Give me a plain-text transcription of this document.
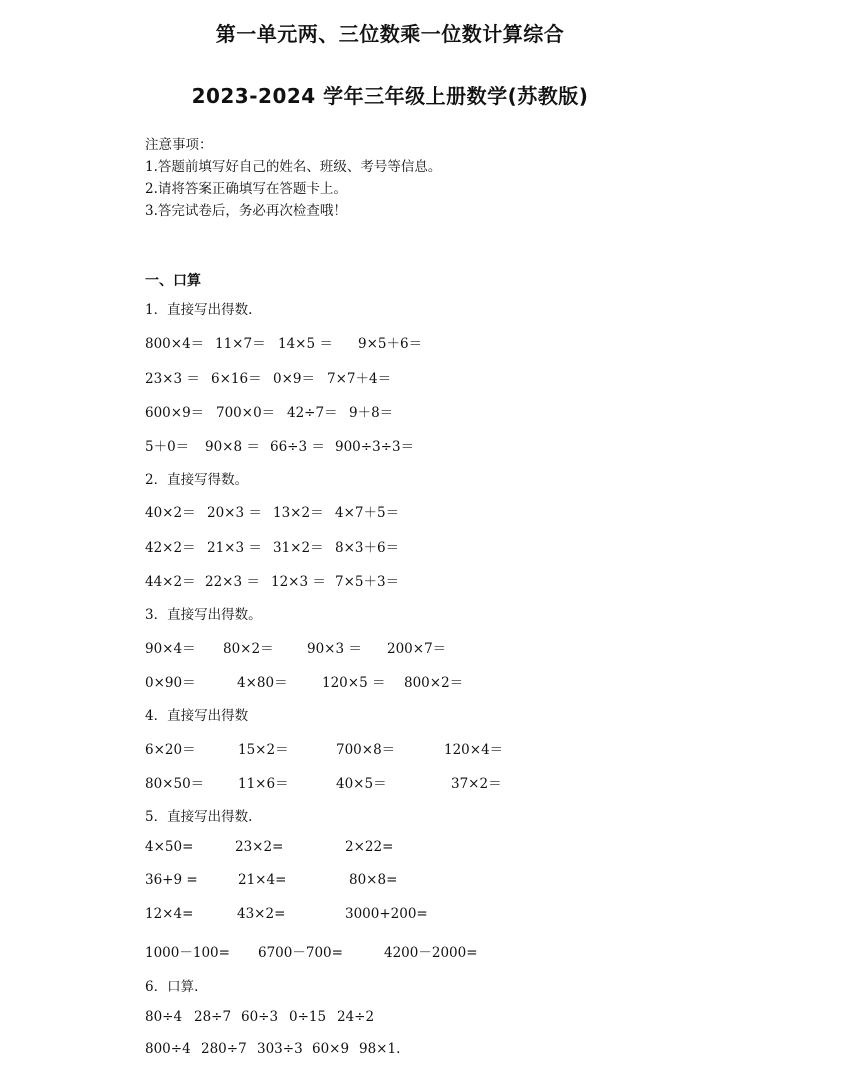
第一单元两、三位数乘一位数计算综合
2023-2024 学年三年级上册数学(苏教版)
注意事项：
1.答题前填写好自己的姓名、班级、考号等信息。
2.请将答案正确填写在答题卡上。
3.答完试卷后，务必再次检查哦！
一、口算
1．直接写出得数.
800×4＝ 11×7＝ 14×5 ＝ 9×5＋6＝
23×3 ＝ 6×16＝ 0×9＝ 7×7＋4＝
600×9＝ 700×0＝ 42÷7＝ 9＋8＝
5＋0＝ 90×8 ＝ 66÷3 ＝ 900÷3÷3＝
2．直接写得数。
40×2＝ 20×3 ＝ 13×2＝ 4×7＋5＝
42×2＝ 21×3 ＝ 31×2＝ 8×3＋6＝
44×2＝ 22×3 ＝ 12×3 ＝ 7×5＋3＝
3．直接写出得数。
90×4＝ 80×2＝ 90×3 ＝ 200×7＝
0×90＝	4×80＝	120×5 ＝ 800×2＝
4．直接写出得数
6×20＝	15×2＝	700×8＝	120×4＝
80×50＝	11×6＝	40×5＝	37×2＝
5．直接写出得数.
4×50=	23×2=	2×22=
36+9 =	21×4=	80×8=
12×4=	43×2=	3000+200=
1000－100= 6700－700=	4200－2000=
6．口算.
80÷4 28÷7 60÷3 0÷15 24÷2
800÷4 280÷7 303÷3 60×9 98×1.
